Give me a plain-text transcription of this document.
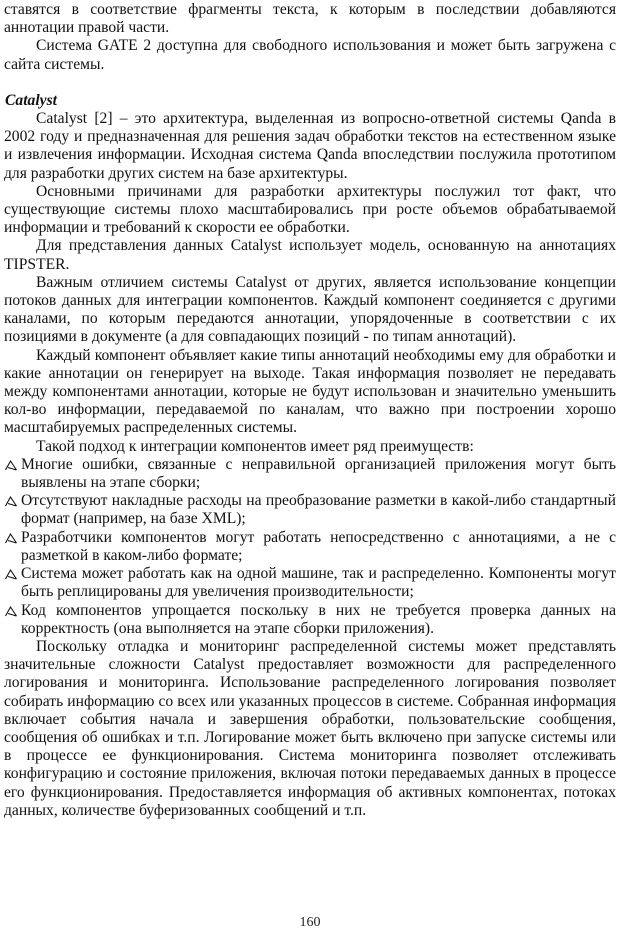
ставятся в соответствие фрагменты текста, к которым в последствии добавляются аннотации правой части.

Система GATE 2 доступна для свободного использования и может быть загружена с сайта системы.

Catalyst

Catalyst [2] – это архитектура, выделенная из вопросно-ответной системы Qanda в 2002 году и предназначенная для решения задач обработки текстов на естественном языке и извлечения информации. Исходная система Qanda впоследствии послужила прототипом для разработки других систем на базе архитектуры.

Основными причинами для разработки архитектуры послужил тот факт, что существующие системы плохо масштабировались при росте объемов обрабатываемой информации и требований к скорости ее обработки.

Для представления данных Catalyst использует модель, основанную на аннотациях TIPSTER.

Важным отличием системы Catalyst от других, является использование концепции потоков данных для интеграции компонентов. Каждый компонент соединяется с другими каналами, по которым передаются аннотации, упорядоченные в соответствии с их позициями в документе (а для совпадающих позиций - по типам аннотаций).

Каждый компонент объявляет какие типы аннотаций необходимы ему для обработки и какие аннотации он генерирует на выходе. Такая информация позволяет не передавать между компонентами аннотации, которые не будут использован и значительно уменьшить кол-во информации, передаваемой по каналам, что важно при построении хорошо масштабируемых распределенных системы.

Такой подход к интеграции компонентов имеет ряд преимуществ:

Многие ошибки, связанные с неправильной организацией приложения могут быть выявлены на этапе сборки;
Отсутствуют накладные расходы на преобразование разметки в какой-либо стандартный формат (например, на базе XML);
Разработчики компонентов могут работать непосредственно с аннотациями, а не с разметкой в каком-либо формате;
Система может работать как на одной машине, так и распределенно. Компоненты могут быть реплицированы для увеличения производительности;
Код компонентов упрощается поскольку в них не требуется проверка данных на корректность (она выполняется на этапе сборки приложения).

Поскольку отладка и мониторинг распределенной системы может представлять значительные сложности Catalyst предоставляет возможности для распределенного логирования и мониторинга. Использование распределенного логирования позволяет собирать информацию со всех или указанных процессов в системе. Собранная информация включает события начала и завершения обработки, пользовательские сообщения, сообщения об ошибках и т.п. Логирование может быть включено при запуске системы или в процессе ее функционирования. Система мониторинга позволяет отслеживать конфигурацию и состояние приложения, включая потоки передаваемых данных в процессе его функционирования. Предоставляется информация об активных компонентах, потоках данных, количестве буферизованных сообщений и т.п.

160
